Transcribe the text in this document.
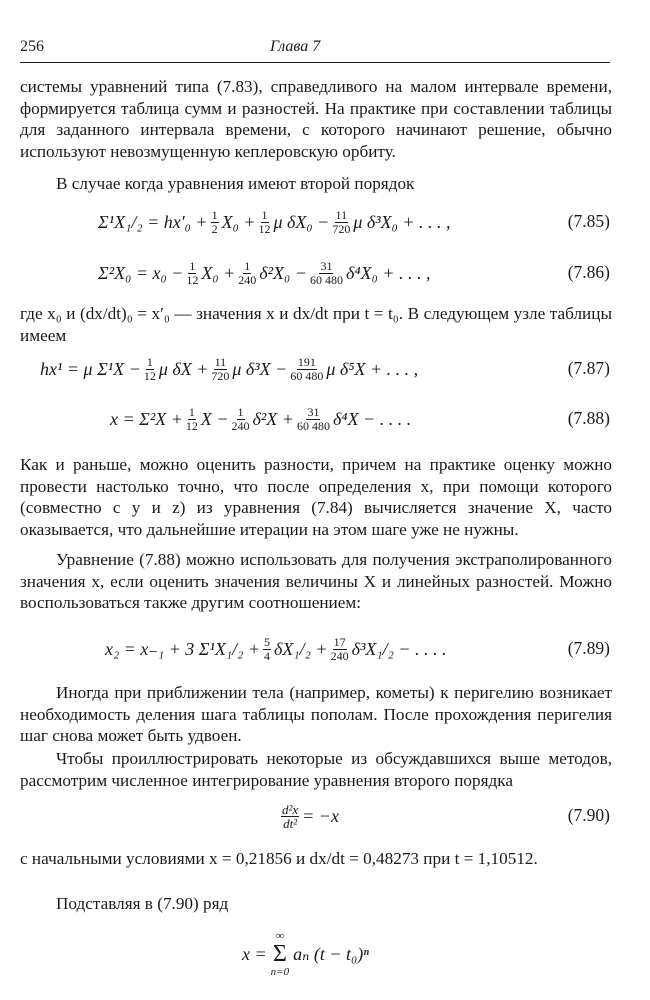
256	Глава 7

системы уравнений типа (7.83), справедливого на малом интервале времени, формируется таблица сумм и разностей. На практике при составлении таблицы для заданного интервала времени, с которого начинают решение, обычно используют невозмущенную кеплеровскую орбиту.

В случае когда уравнения имеют второй порядок

$\Sigma^1X_1/_2 = hx'_0 + \frac{1}{2} X_0 + \frac{1}{12}$ μ $\delta X_0 - \frac{11}{720}$ μ δ³X₀ + . . . ,	(7.85)
$\Sigma^2X_0 = x_0 - \frac{1}{12} X_0 + \frac{1}{240} \delta^2X_0 - \frac{31}{60 480} \delta^4X_0$ + . . . ,	(7.86)

где x₀ и (dx/dt)₀ = x′₀ — значения x и dx/dt при t = t₀. В следующем узле таблицы имеем

hx¹ = μ $\Sigma^1X - \frac{1}{12}$ μ $\delta X + \frac{11}{720}$ μ $\delta^3X - \frac{191}{60 480}$ μ δ⁵X + . . . ,	(7.87)
$x = \Sigma^2X + \frac{1}{12}$ $X - \frac{1}{240} \delta^2X + \frac{31}{60 480} \delta^4X$ − . . . .	(7.88)

Как и раньше, можно оценить разности, причем на практике оценку можно провести настолько точно, что после определения x, при помощи которого (совместно с y и z) из уравнения (7.84) вычисляется значение X, часто оказывается, что дальнейшие итерации на этом шаге уже не нужны.

Уравнение (7.88) можно использовать для получения экстраполированного значения x, если оценить значения величины X и линейных разностей. Можно воспользоваться также другим соотношением:

x₂ = x₋₁ + 3 $\Sigma^1X_1/_2 + \frac{5}{4} \delta X_1/_2 + \frac{17}{240} \delta^3X_1/_2$ − . . . .	(7.89)

Иногда при приближении тела (например, кометы) к перигелию возникает необходимость деления шага таблицы пополам. После прохождения перигелия шаг снова может быть удвоен.

Чтобы проиллюстрировать некоторые из обсуждавшихся выше методов, рассмотрим численное интегрирование уравнения второго порядка

$\frac{\text{d²x}}{\text{dt²}} = -x$	(7.90)

с начальными условиями x = 0,21856 и dx/dt = 0,48273 при t = 1,10512.

Подставляя в (7.90) ряд

x =
∞
Σ
n=0
aₙ (t − t₀)ⁿ
